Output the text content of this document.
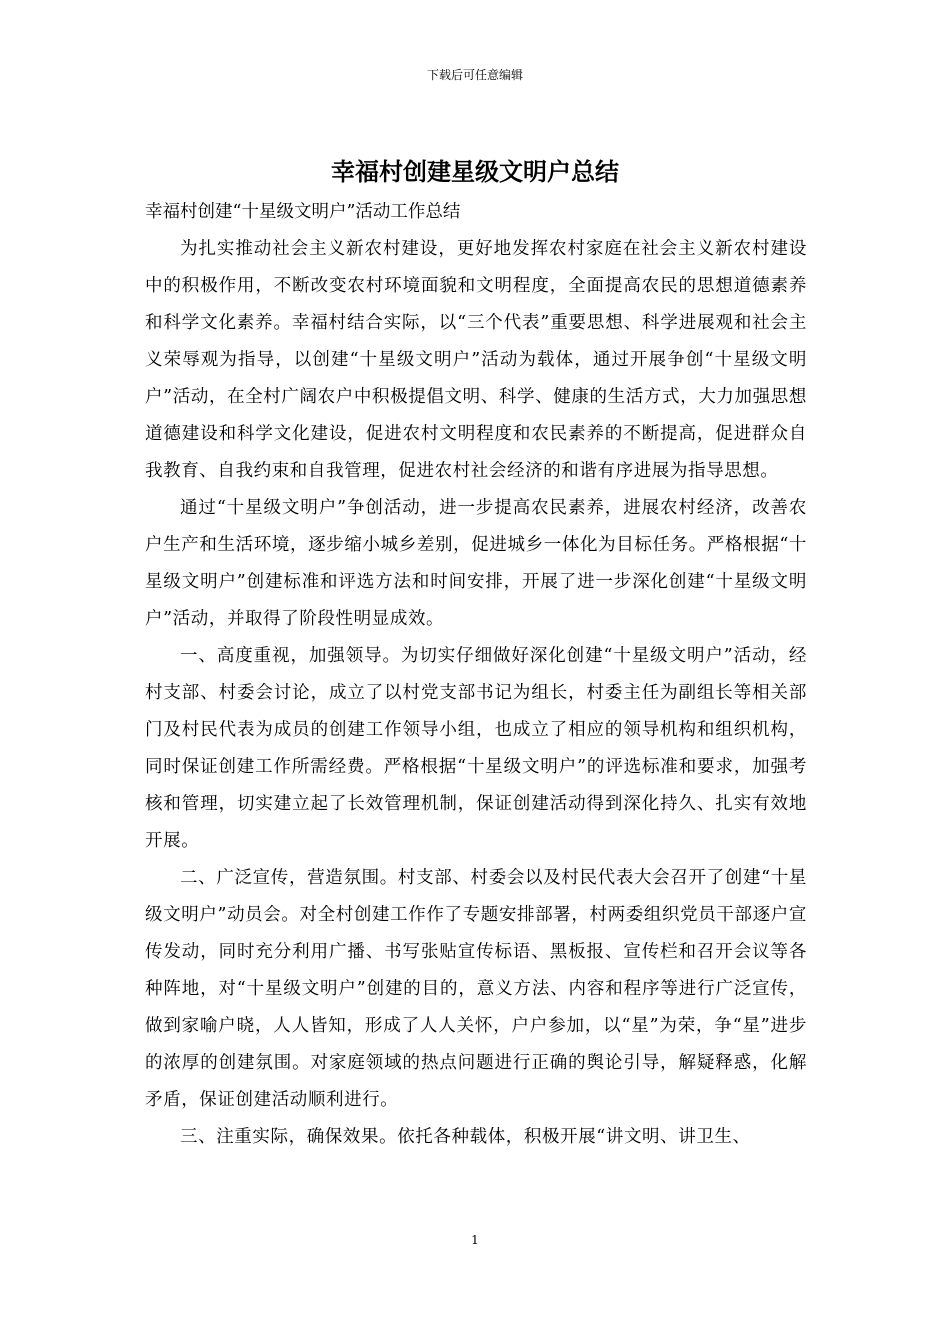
下载后可任意编辑
幸福村创建星级文明户总结
幸福村创建“十星级文明户”活动工作总结

为扎实推动社会主义新农村建设，更好地发挥农村家庭在社会主义新农村建设中的积极作用，不断改变农村环境面貌和文明程度，全面提高农民的思想道德素养和科学文化素养。幸福村结合实际，以“三个代表”重要思想、科学进展观和社会主义荣辱观为指导，以创建“十星级文明户”活动为载体，通过开展争创“十星级文明户”活动，在全村广阔农户中积极提倡文明、科学、健康的生活方式，大力加强思想道德建设和科学文化建设，促进农村文明程度和农民素养的不断提高，促进群众自我教育、自我约束和自我管理，促进农村社会经济的和谐有序进展为指导思想。

通过“十星级文明户”争创活动，进一步提高农民素养，进展农村经济，改善农户生产和生活环境，逐步缩小城乡差别，促进城乡一体化为目标任务。严格根据“十星级文明户”创建标准和评选方法和时间安排，开展了进一步深化创建“十星级文明户”活动，并取得了阶段性明显成效。

一、高度重视，加强领导。为切实仔细做好深化创建“十星级文明户”活动，经村支部、村委会讨论，成立了以村党支部书记为组长，村委主任为副组长等相关部门及村民代表为成员的创建工作领导小组，也成立了相应的领导机构和组织机构，同时保证创建工作所需经费。严格根据“十星级文明户”的评选标准和要求，加强考核和管理，切实建立起了长效管理机制，保证创建活动得到深化持久、扎实有效地开展。

二、广泛宣传，营造氛围。村支部、村委会以及村民代表大会召开了创建“十星级文明户”动员会。对全村创建工作作了专题安排部署，村两委组织党员干部逐户宣传发动，同时充分利用广播、书写张贴宣传标语、黑板报、宣传栏和召开会议等各种阵地，对“十星级文明户”创建的目的，意义方法、内容和程序等进行广泛宣传，做到家喻户晓，人人皆知，形成了人人关怀，户户参加，以“星”为荣，争“星”进步的浓厚的创建氛围。对家庭领域的热点问题进行正确的舆论引导，解疑释惑，化解矛盾，保证创建活动顺利进行。

三、注重实际，确保效果。依托各种载体，积极开展“讲文明、讲卫生、

1
